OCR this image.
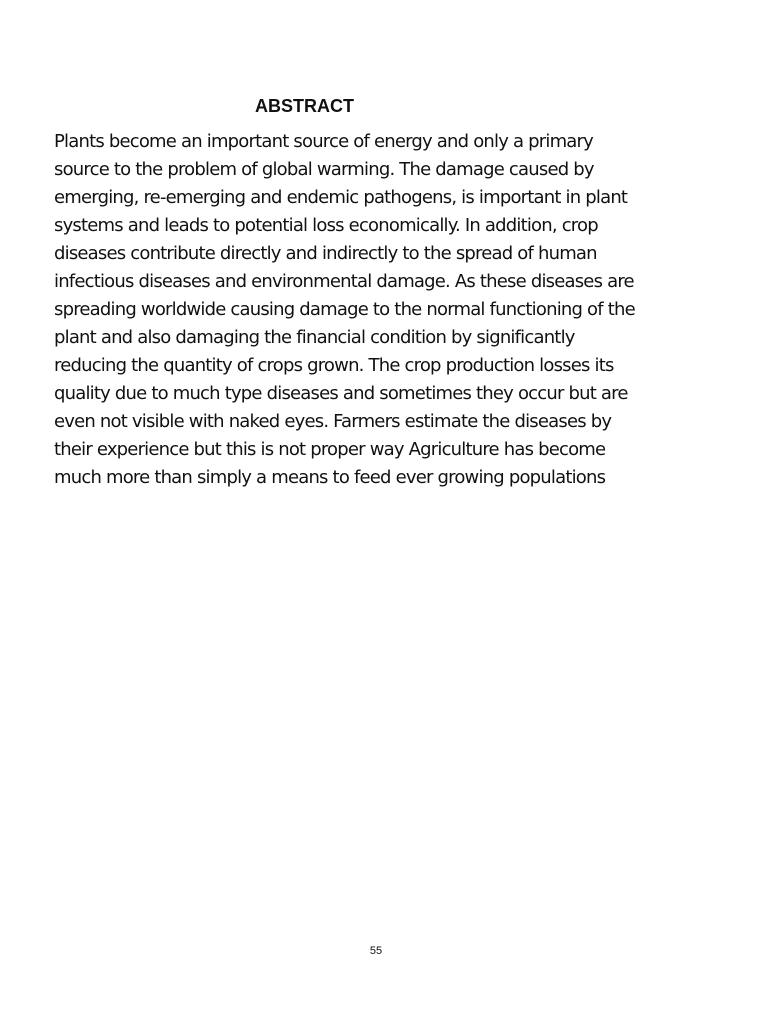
ABSTRACT

Plants become an important source of energy and only a primary
source to the problem of global warming. The damage caused by
emerging, re-emerging and endemic pathogens, is important in plant
systems and leads to potential loss economically. In addition, crop
diseases contribute directly and indirectly to the spread of human
infectious diseases and environmental damage. As these diseases are
spreading worldwide causing damage to the normal functioning of the
plant and also damaging the financial condition by significantly
reducing the quantity of crops grown. The crop production losses its
quality due to much type diseases and sometimes they occur but are
even not visible with naked eyes. Farmers estimate the diseases by
their experience but this is not proper way Agriculture has become
much more than simply a means to feed ever growing populations

55
